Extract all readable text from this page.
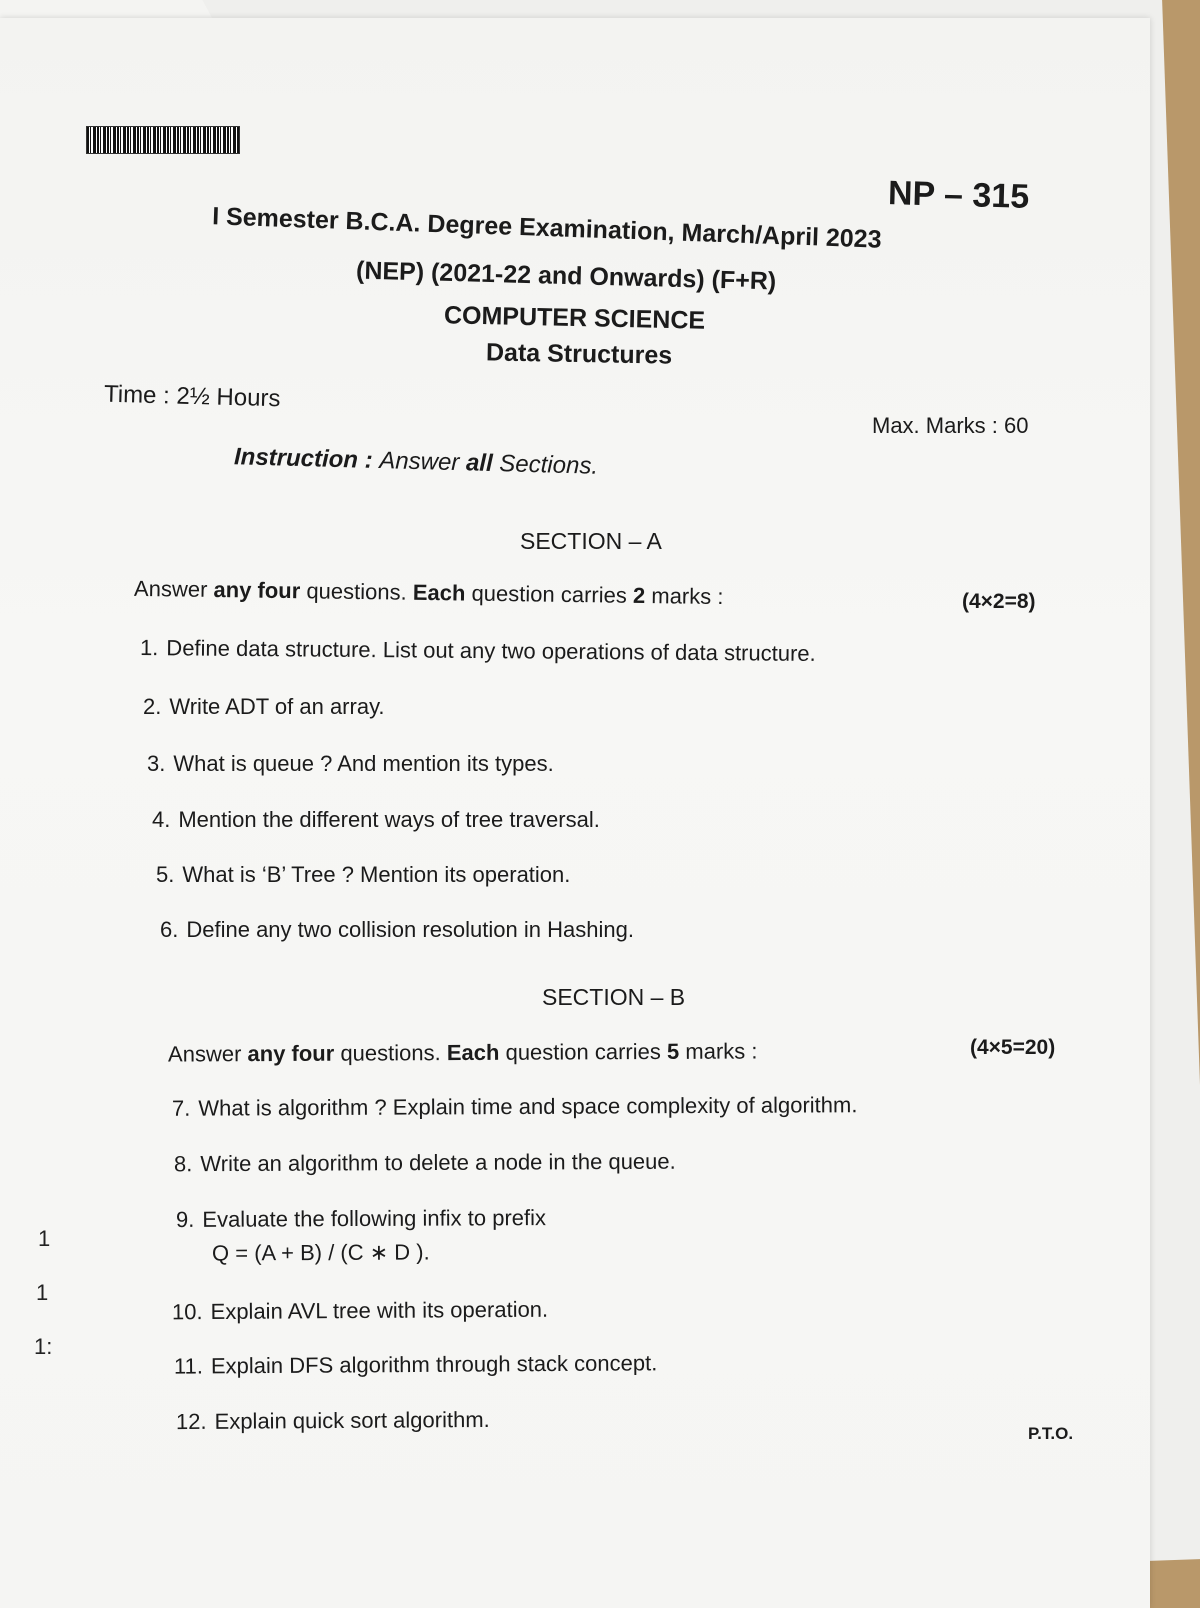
NP – 315
I Semester B.C.A. Degree Examination, March/April 2023
(NEP) (2021-22 and Onwards) (F+R)
COMPUTER SCIENCE
Data Structures
Time : 2½ Hours
Max. Marks : 60
Instruction : Answer all Sections.
SECTION – A
Answer any four questions. Each question carries 2 marks :	(4×2=8)
1. Define data structure. List out any two operations of data structure.
2. Write ADT of an array.
3. What is queue ? And mention its types.
4. Mention the different ways of tree traversal.
5. What is ‘B’ Tree ? Mention its operation.
6. Define any two collision resolution in Hashing.
SECTION – B
Answer any four questions. Each question carries 5 marks :	(4×5=20)
7. What is algorithm ? Explain time and space complexity of algorithm.
8. Write an algorithm to delete a node in the queue.
9. Evaluate the following infix to prefix
Q = (A + B) / (C ∗ D ).
10. Explain AVL tree with its operation.
11. Explain DFS algorithm through stack concept.
12. Explain quick sort algorithm.	P.T.O.
1
1
1:
